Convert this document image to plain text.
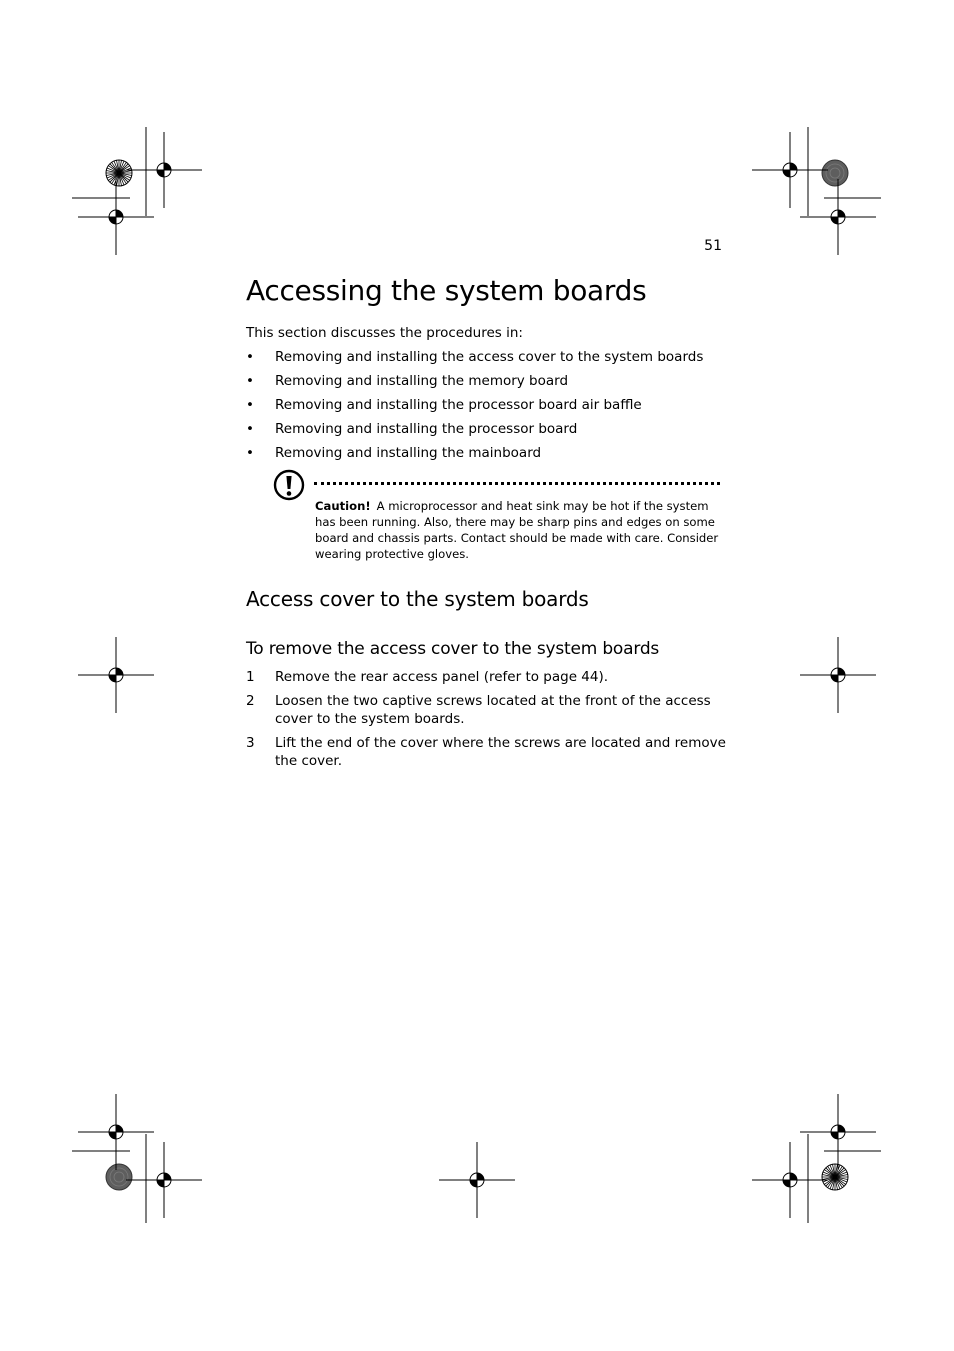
51
Accessing the system boards
This section discusses the procedures in:
• Removing and installing the access cover to the system boards
• Removing and installing the memory board
• Removing and installing the processor board air baffle
• Removing and installing the processor board
• Removing and installing the mainboard
Caution! A microprocessor and heat sink may be hot if the system has been running. Also, there may be sharp pins and edges on some board and chassis parts. Contact should be made with care. Consider wearing protective gloves.
Access cover to the system boards
To remove the access cover to the system boards
1 Remove the rear access panel (refer to page 44).
2 Loosen the two captive screws located at the front of the access cover to the system boards.
3 Lift the end of the cover where the screws are located and remove the cover.
